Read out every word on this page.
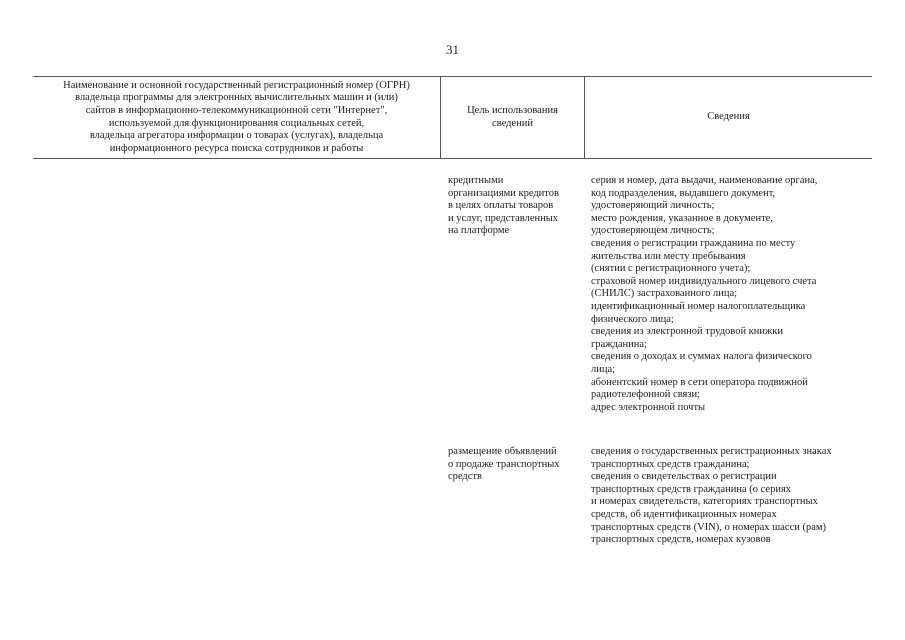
31
Наименование и основной государственный регистрационный номер (ОГРН)
владельца программы для электронных вычислительных машин и (или)
сайтов в информационно-телекоммуникационной сети "Интернет",
используемой для функционирования социальных сетей,
владельца агрегатора информации о товарах (услугах), владельца
информационного ресурса поиска сотрудников и работы
Цель использования
сведений
Сведения
кредитными
организациями кредитов
в целях оплаты товаров
и услуг, представленных
на платформе
серия и номер, дата выдачи, наименование органа,
код подразделения, выдавшего документ,
удостоверяющий личность;
место рождения, указанное в документе,
удостоверяющем личность;
сведения о регистрации гражданина по месту
жительства или месту пребывания
(снятии с регистрационного учета);
страховой номер индивидуального лицевого счета
(СНИЛС) застрахованного лица;
идентификационный номер налогоплательщика
физического лица;
сведения из электронной трудовой книжки
гражданина;
сведения о доходах и суммах налога физического
лица;
абонентский номер в сети оператора подвижной
радиотелефонной связи;
адрес электронной почты
размещение объявлений
о продаже транспортных
средств
сведения о государственных регистрационных знаках
транспортных средств гражданина;
сведения о свидетельствах о регистрации
транспортных средств гражданина (о сериях
и номерах свидетельств, категориях транспортных
средств, об идентификационных номерах
транспортных средств (VIN), о номерах шасси (рам)
транспортных средств, номерах кузовов
